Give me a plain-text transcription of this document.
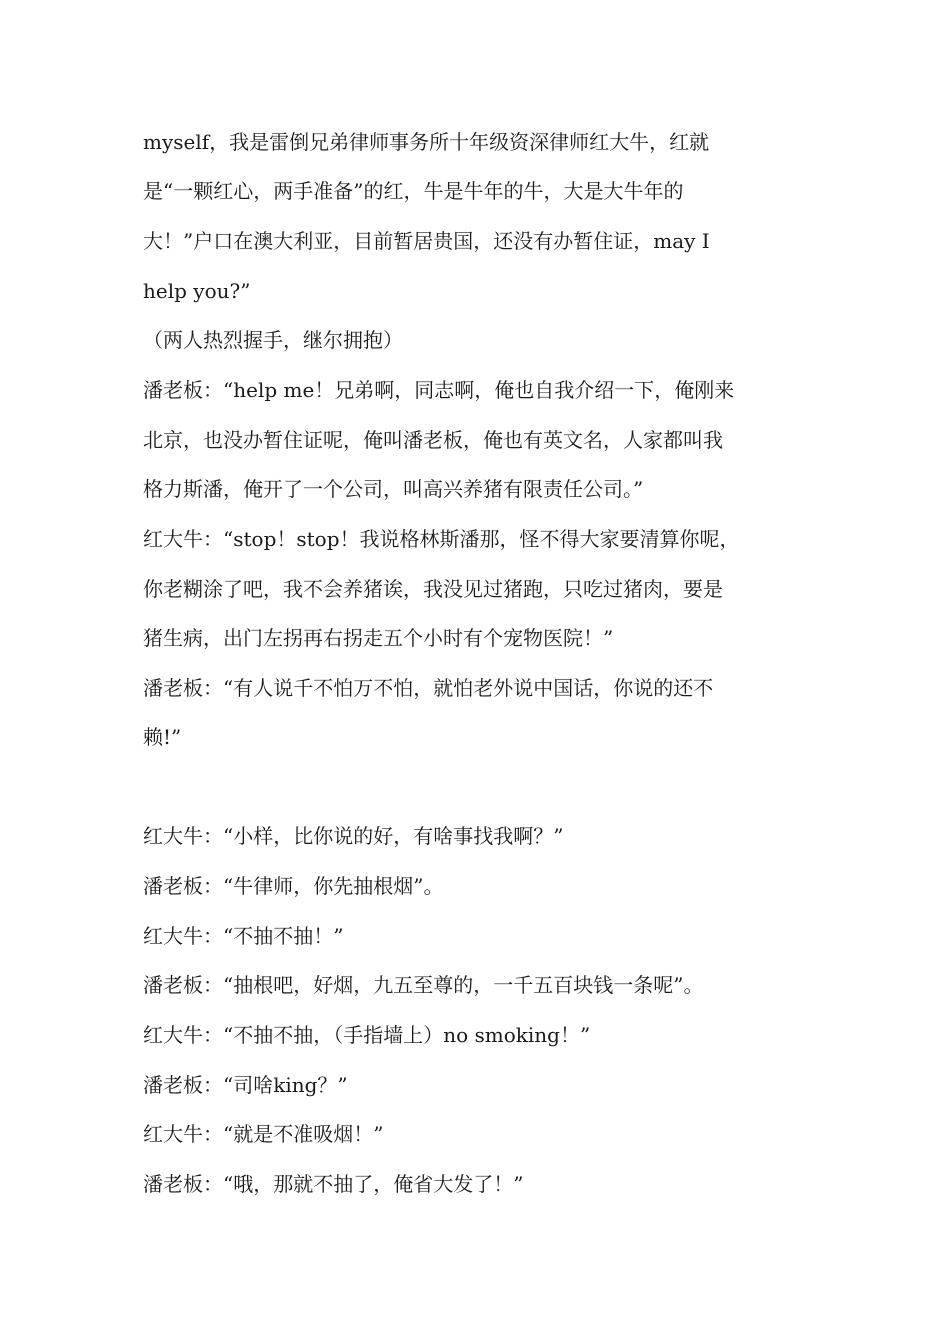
myself，我是雷倒兄弟律师事务所十年级资深律师红大牛，红就
是“一颗红心，两手准备”的红，牛是牛年的牛，大是大牛年的
大！”户口在澳大利亚，目前暂居贵国，还没有办暂住证，may I
help you?”
（两人热烈握手，继尔拥抱）
潘老板：“help me！兄弟啊，同志啊，俺也自我介绍一下，俺刚来
北京，也没办暂住证呢，俺叫潘老板，俺也有英文名，人家都叫我
格力斯潘，俺开了一个公司，叫高兴养猪有限责任公司。”
红大牛：“stop！stop！我说格林斯潘那，怪不得大家要清算你呢，
你老糊涂了吧，我不会养猪诶，我没见过猪跑，只吃过猪肉，要是
猪生病，出门左拐再右拐走五个小时有个宠物医院！”
潘老板：“有人说千不怕万不怕，就怕老外说中国话，你说的还不
赖!”
红大牛：“小样，比你说的好，有啥事找我啊？”
潘老板：“牛律师，你先抽根烟”。
红大牛：“不抽不抽！”
潘老板：“抽根吧，好烟，九五至尊的，一千五百块钱一条呢”。
红大牛：“不抽不抽，（手指墙上）no smoking！”
潘老板：“司啥king？”
红大牛：“就是不准吸烟！”
潘老板：“哦，那就不抽了，俺省大发了！”
